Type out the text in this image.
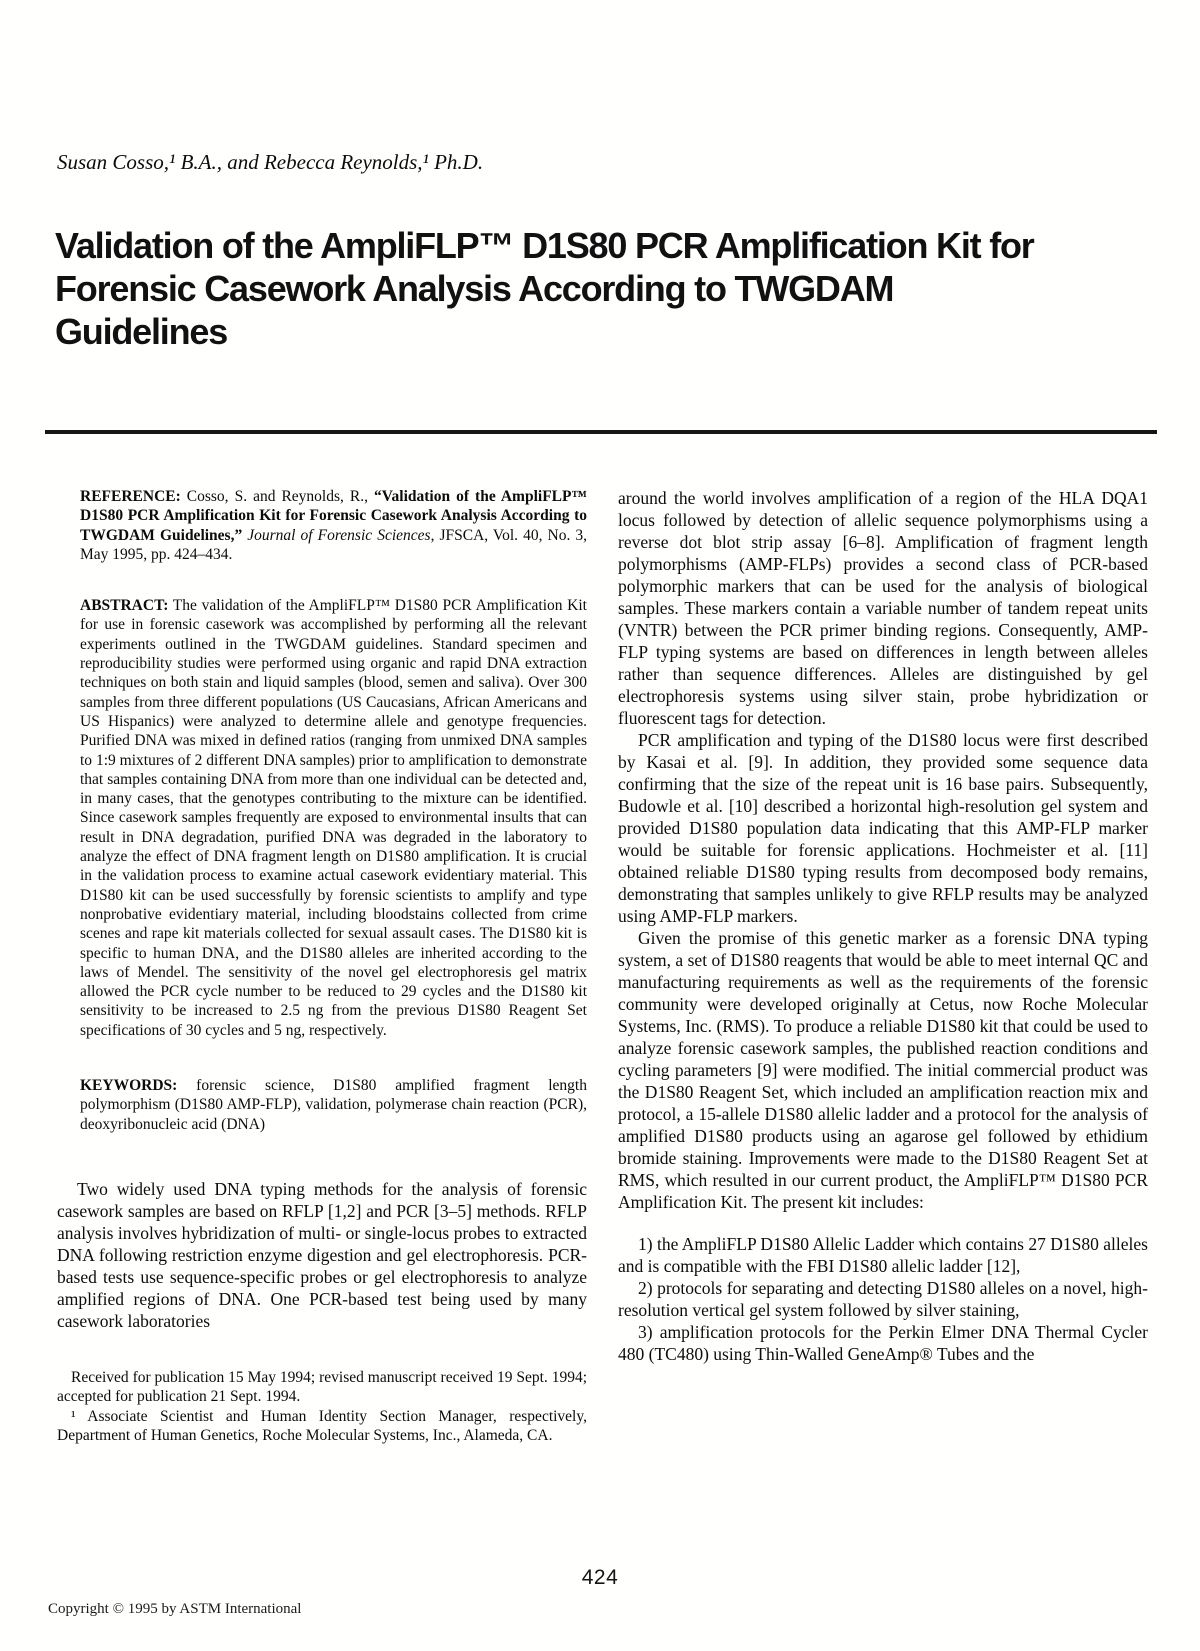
Susan Cosso,¹ B.A., and Rebecca Reynolds,¹ Ph.D.
Validation of the AmpliFLP™ D1S80 PCR Amplification Kit for
Forensic Casework Analysis According to TWGDAM
Guidelines

REFERENCE: Cosso, S. and Reynolds, R., “Validation of the AmpliFLP™ D1S80 PCR Amplification Kit for Forensic Casework Analysis According to TWGDAM Guidelines,” Journal of Forensic Sciences, JFSCA, Vol. 40, No. 3, May 1995, pp. 424–434.

ABSTRACT: The validation of the AmpliFLP™ D1S80 PCR Amplification Kit for use in forensic casework was accomplished by performing all the relevant experiments outlined in the TWGDAM guidelines. Standard specimen and reproducibility studies were performed using organic and rapid DNA extraction techniques on both stain and liquid samples (blood, semen and saliva). Over 300 samples from three different populations (US Caucasians, African Americans and US Hispanics) were analyzed to determine allele and genotype frequencies. Purified DNA was mixed in defined ratios (ranging from unmixed DNA samples to 1:9 mixtures of 2 different DNA samples) prior to amplification to demonstrate that samples containing DNA from more than one individual can be detected and, in many cases, that the genotypes contributing to the mixture can be identified. Since casework samples frequently are exposed to environmental insults that can result in DNA degradation, purified DNA was degraded in the laboratory to analyze the effect of DNA fragment length on D1S80 amplification. It is crucial in the validation process to examine actual casework evidentiary material. This D1S80 kit can be used successfully by forensic scientists to amplify and type nonprobative evidentiary material, including bloodstains collected from crime scenes and rape kit materials collected for sexual assault cases. The D1S80 kit is specific to human DNA, and the D1S80 alleles are inherited according to the laws of Mendel. The sensitivity of the novel gel electrophoresis gel matrix allowed the PCR cycle number to be reduced to 29 cycles and the D1S80 kit sensitivity to be increased to 2.5 ng from the previous D1S80 Reagent Set specifications of 30 cycles and 5 ng, respectively.

KEYWORDS: forensic science, D1S80 amplified fragment length polymorphism (D1S80 AMP-FLP), validation, polymerase chain reaction (PCR), deoxyribonucleic acid (DNA)

Two widely used DNA typing methods for the analysis of forensic casework samples are based on RFLP [1,2] and PCR [3–5] methods. RFLP analysis involves hybridization of multi- or single-locus probes to extracted DNA following restriction enzyme digestion and gel electrophoresis. PCR-based tests use sequence-specific probes or gel electrophoresis to analyze amplified regions of DNA. One PCR-based test being used by many casework laboratories

Received for publication 15 May 1994; revised manuscript received 19 Sept. 1994; accepted for publication 21 Sept. 1994.

¹ Associate Scientist and Human Identity Section Manager, respectively, Department of Human Genetics, Roche Molecular Systems, Inc., Alameda, CA.

around the world involves amplification of a region of the HLA DQA1 locus followed by detection of allelic sequence polymorphisms using a reverse dot blot strip assay [6–8]. Amplification of fragment length polymorphisms (AMP-FLPs) provides a second class of PCR-based polymorphic markers that can be used for the analysis of biological samples. These markers contain a variable number of tandem repeat units (VNTR) between the PCR primer binding regions. Consequently, AMP-FLP typing systems are based on differences in length between alleles rather than sequence differences. Alleles are distinguished by gel electrophoresis systems using silver stain, probe hybridization or fluorescent tags for detection.

PCR amplification and typing of the D1S80 locus were first described by Kasai et al. [9]. In addition, they provided some sequence data confirming that the size of the repeat unit is 16 base pairs. Subsequently, Budowle et al. [10] described a horizontal high-resolution gel system and provided D1S80 population data indicating that this AMP-FLP marker would be suitable for forensic applications. Hochmeister et al. [11] obtained reliable D1S80 typing results from decomposed body remains, demonstrating that samples unlikely to give RFLP results may be analyzed using AMP-FLP markers.

Given the promise of this genetic marker as a forensic DNA typing system, a set of D1S80 reagents that would be able to meet internal QC and manufacturing requirements as well as the requirements of the forensic community were developed originally at Cetus, now Roche Molecular Systems, Inc. (RMS). To produce a reliable D1S80 kit that could be used to analyze forensic casework samples, the published reaction conditions and cycling parameters [9] were modified. The initial commercial product was the D1S80 Reagent Set, which included an amplification reaction mix and protocol, a 15-allele D1S80 allelic ladder and a protocol for the analysis of amplified D1S80 products using an agarose gel followed by ethidium bromide staining. Improvements were made to the D1S80 Reagent Set at RMS, which resulted in our current product, the AmpliFLP™ D1S80 PCR Amplification Kit. The present kit includes:

1) the AmpliFLP D1S80 Allelic Ladder which contains 27 D1S80 alleles and is compatible with the FBI D1S80 allelic ladder [12],

2) protocols for separating and detecting D1S80 alleles on a novel, high-resolution vertical gel system followed by silver staining,

3) amplification protocols for the Perkin Elmer DNA Thermal Cycler 480 (TC480) using Thin-Walled GeneAmp® Tubes and the

424
Copyright © 1995 by ASTM International
